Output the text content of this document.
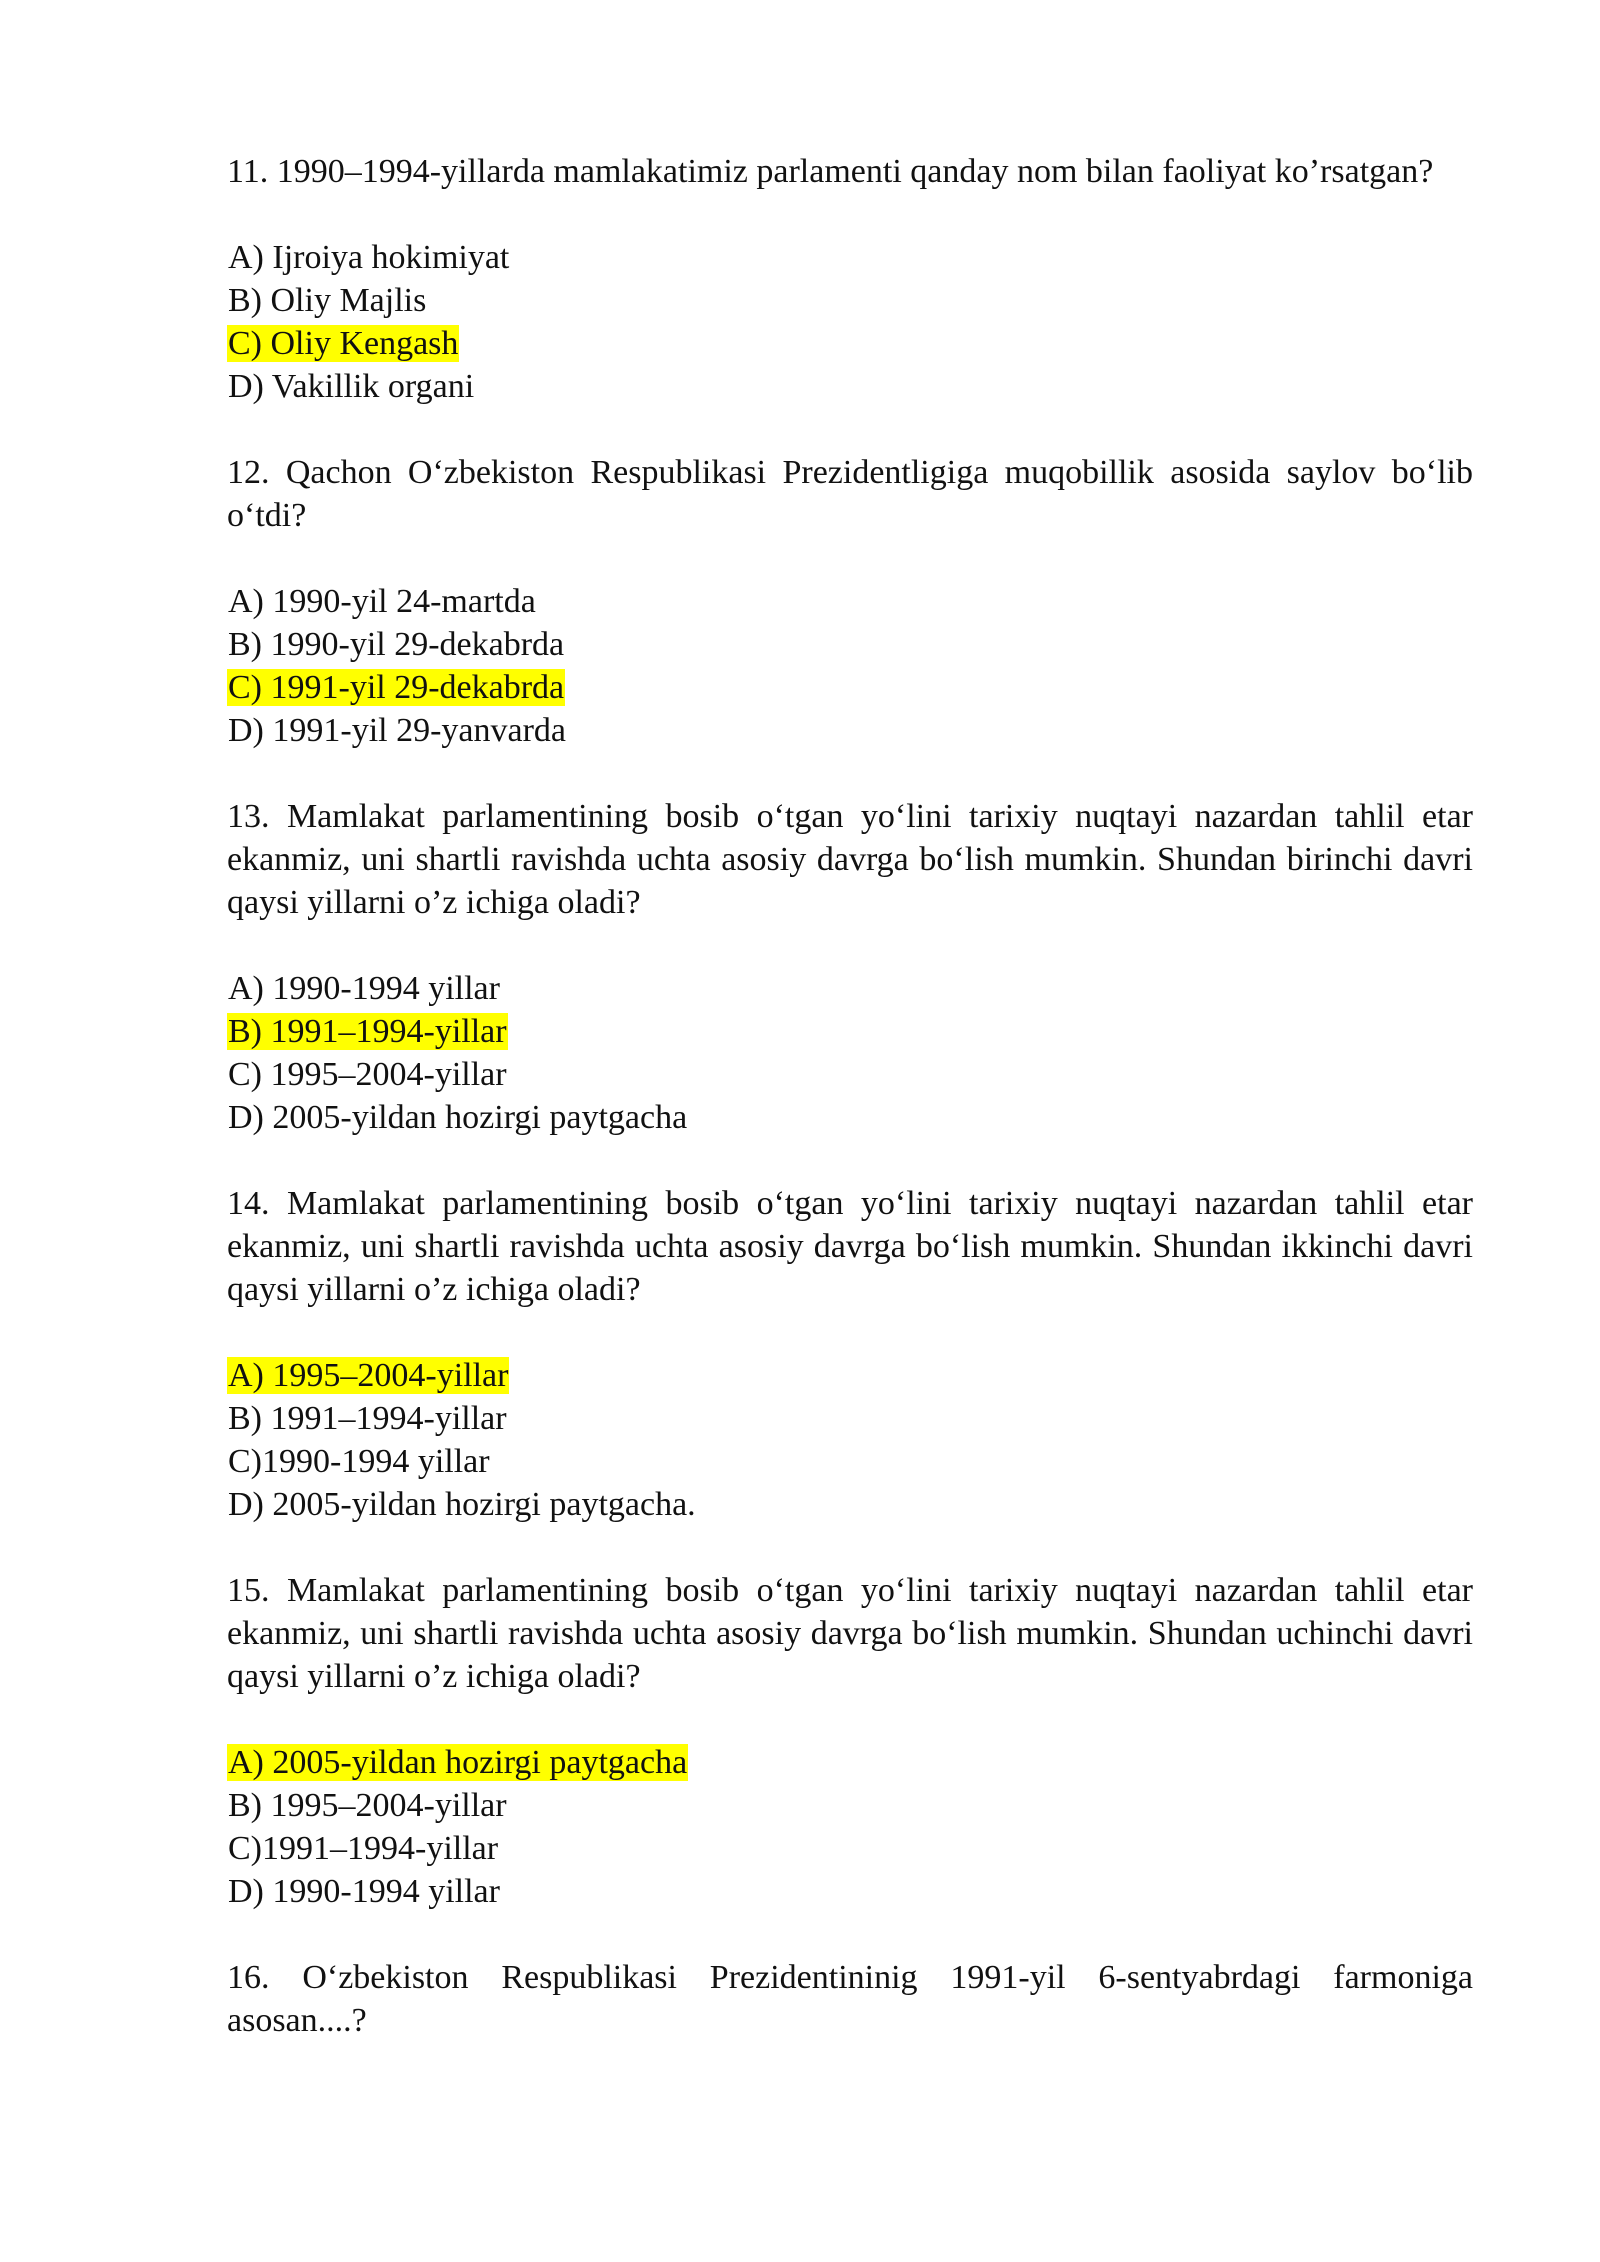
11. 1990–1994-yillarda mamlakatimiz parlamenti qanday nom bilan faoliyat ko’rsatgan?

A) Ijroiya hokimiyat
B) Oliy Majlis
C) Oliy Kengash
D) Vakillik organi

12. Qachon O‘zbekiston Respublikasi Prezidentligiga muqobillik asosida saylov bo‘lib o‘tdi?

A) 1990-yil 24-martda
B) 1990-yil 29-dekabrda
C) 1991-yil 29-dekabrda
D) 1991-yil 29-yanvarda

13. Mamlakat parlamentining bosib o‘tgan yo‘lini tarixiy nuqtayi nazardan tahlil etar ekanmiz, uni shartli ravishda uchta asosiy davrga bo‘lish mumkin. Shundan birinchi davri qaysi yillarni o’z ichiga oladi?

A) 1990-1994 yillar
B) 1991–1994-yillar
C) 1995–2004-yillar
D) 2005-yildan hozirgi paytgacha

14. Mamlakat parlamentining bosib o‘tgan yo‘lini tarixiy nuqtayi nazardan tahlil etar ekanmiz, uni shartli ravishda uchta asosiy davrga bo‘lish mumkin. Shundan ikkinchi davri qaysi yillarni o’z ichiga oladi?

A) 1995–2004-yillar
B) 1991–1994-yillar
C)1990-1994 yillar
D) 2005-yildan hozirgi paytgacha.

15. Mamlakat parlamentining bosib o‘tgan yo‘lini tarixiy nuqtayi nazardan tahlil etar ekanmiz, uni shartli ravishda uchta asosiy davrga bo‘lish mumkin. Shundan uchinchi davri qaysi yillarni o’z ichiga oladi?

A) 2005-yildan hozirgi paytgacha
B) 1995–2004-yillar
C)1991–1994-yillar
D) 1990-1994 yillar

16. O‘zbekiston Respublikasi Prezidentininig 1991-yil 6-sentyabrdagi farmoniga asosan....?
